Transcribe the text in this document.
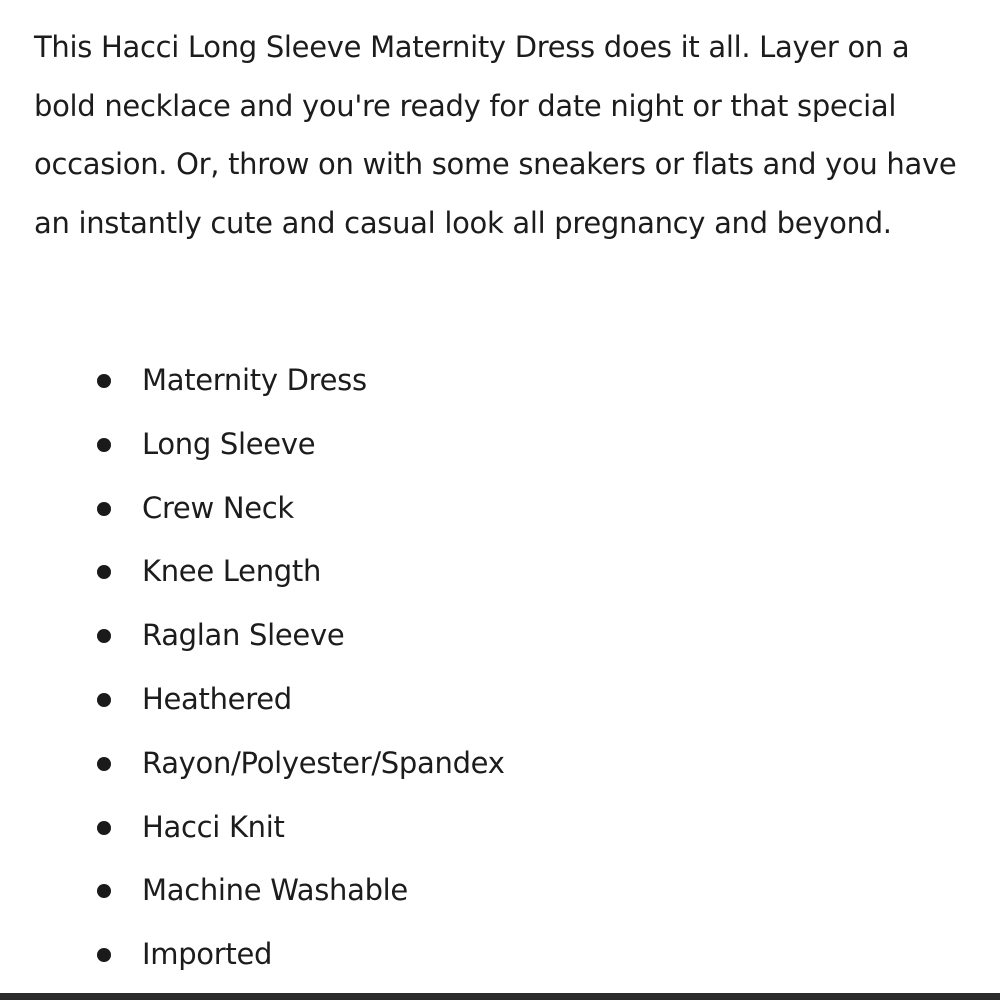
This Hacci Long Sleeve Maternity Dress does it all. Layer on a bold necklace and you're ready for date night or that special occasion. Or, throw on with some sneakers or flats and you have an instantly cute and casual look all pregnancy and beyond.

Maternity Dress
Long Sleeve
Crew Neck
Knee Length
Raglan Sleeve
Heathered
Rayon/Polyester/Spandex
Hacci Knit
Machine Washable
Imported
